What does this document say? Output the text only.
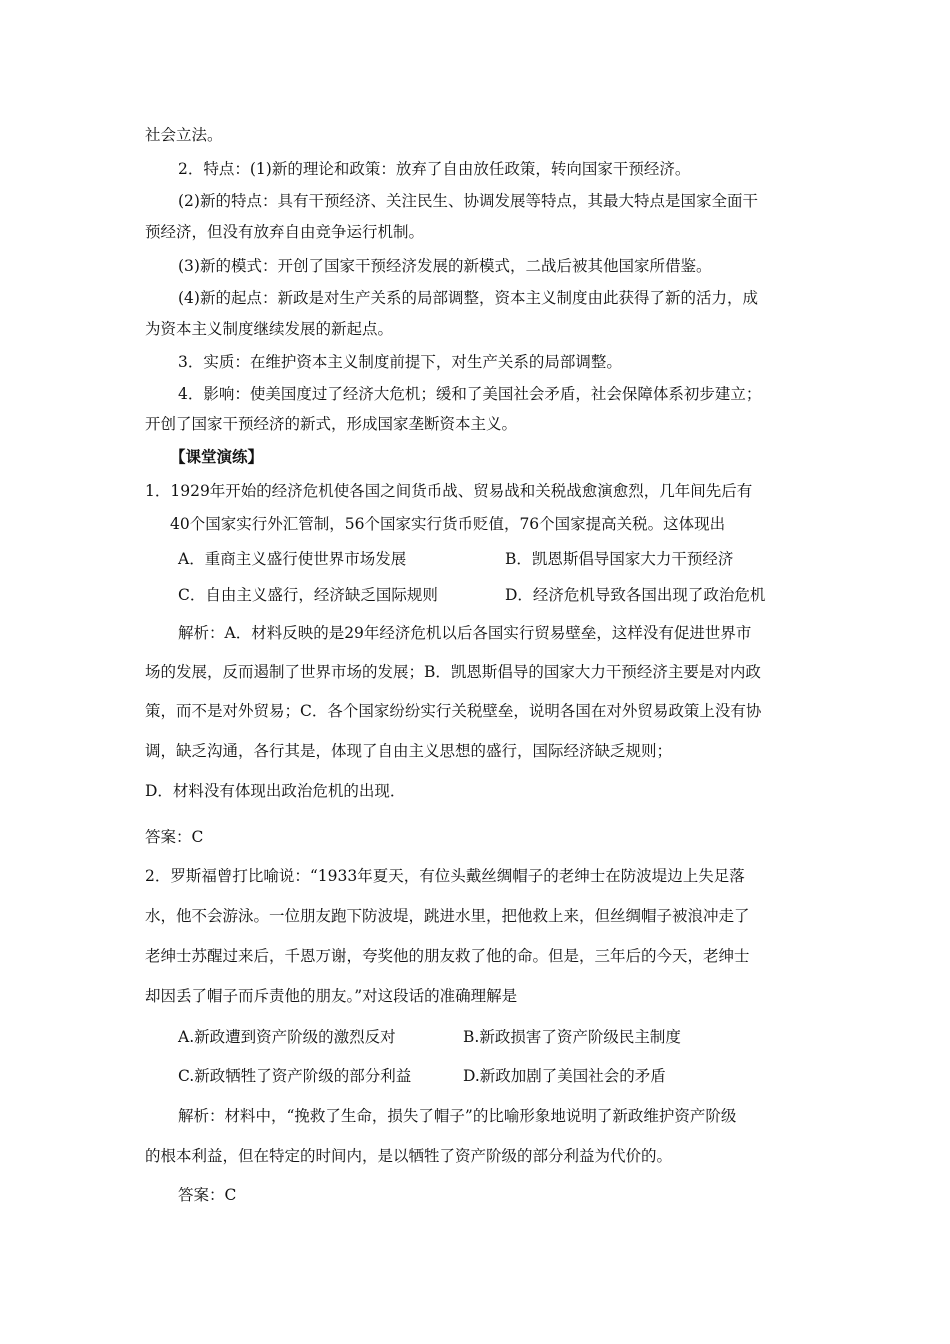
社会立法。
2．特点：(1)新的理论和政策：放弃了自由放任政策，转向国家干预经济。
(2)新的特点：具有干预经济、关注民生、协调发展等特点，其最大特点是国家全面干
预经济，但没有放弃自由竞争运行机制。
(3)新的模式：开创了国家干预经济发展的新模式，二战后被其他国家所借鉴。
(4)新的起点：新政是对生产关系的局部调整，资本主义制度由此获得了新的活力，成
为资本主义制度继续发展的新起点。
3．实质：在维护资本主义制度前提下，对生产关系的局部调整。
4．影响：使美国度过了经济大危机；缓和了美国社会矛盾，社会保障体系初步建立；
开创了国家干预经济的新式，形成国家垄断资本主义。
【课堂演练】
1．1929年开始的经济危机使各国之间货币战、贸易战和关税战愈演愈烈，几年间先后有
40个国家实行外汇管制，56个国家实行货币贬值，76个国家提高关税。这体现出
A．重商主义盛行使世界市场发展	B．凯恩斯倡导国家大力干预经济
C．自由主义盛行，经济缺乏国际规则	D．经济危机导致各国出现了政治危机
解析：A．材料反映的是29年经济危机以后各国实行贸易壁垒，这样没有促进世界市
场的发展，反而遏制了世界市场的发展；B．凯恩斯倡导的国家大力干预经济主要是对内政
策，而不是对外贸易；C．各个国家纷纷实行关税壁垒，说明各国在对外贸易政策上没有协
调，缺乏沟通，各行其是，体现了自由主义思想的盛行，国际经济缺乏规则；
D．材料没有体现出政治危机的出现．
答案：C
2．罗斯福曾打比喻说：“1933年夏天，有位头戴丝绸帽子的老绅士在防波堤边上失足落
水，他不会游泳。一位朋友跑下防波堤，跳进水里，把他救上来，但丝绸帽子被浪冲走了
老绅士苏醒过来后，千恩万谢，夸奖他的朋友救了他的命。但是，三年后的今天，老绅士
却因丢了帽子而斥责他的朋友。”对这段话的准确理解是
A.新政遭到资产阶级的激烈反对	B.新政损害了资产阶级民主制度
C.新政牺牲了资产阶级的部分利益	D.新政加剧了美国社会的矛盾
解析：材料中，“挽救了生命，损失了帽子”的比喻形象地说明了新政维护资产阶级
的根本利益，但在特定的时间内，是以牺牲了资产阶级的部分利益为代价的。
答案：C
